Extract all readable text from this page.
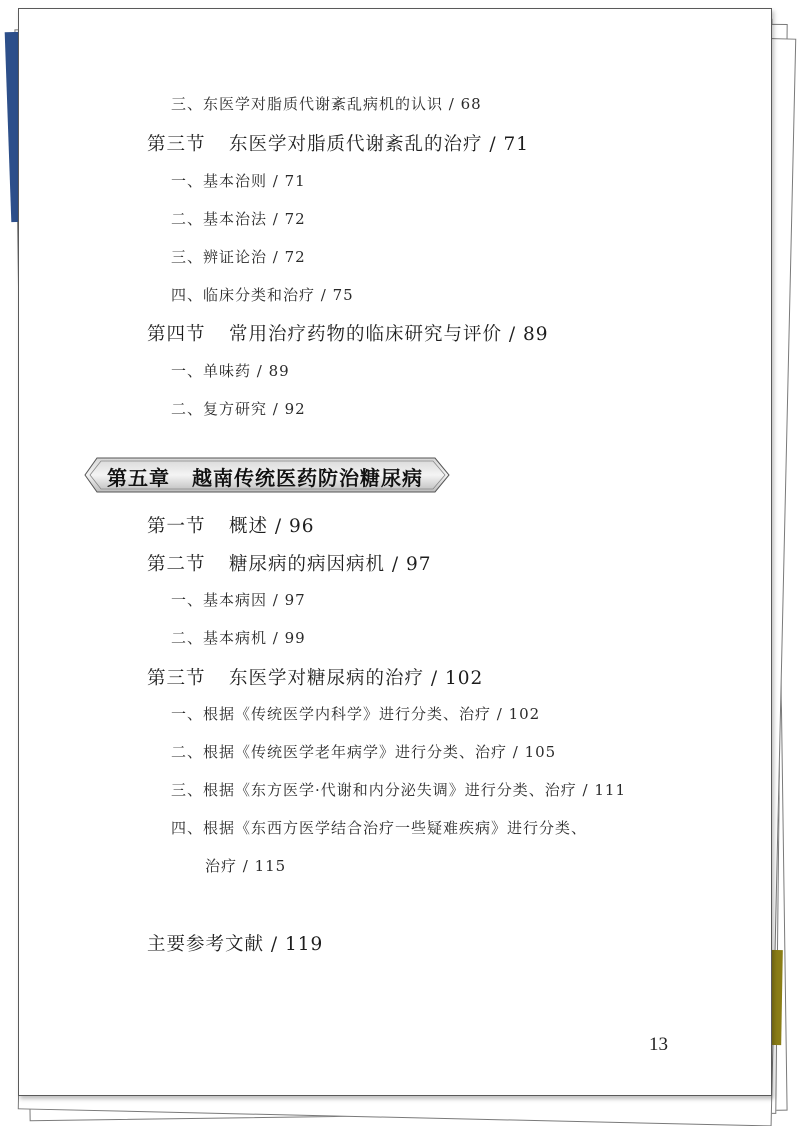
三、东医学对脂质代谢紊乱病机的认识 / 68
第三节 东医学对脂质代谢紊乱的治疗 / 71
一、基本治则 / 71
二、基本治法 / 72
三、辨证论治 / 72
四、临床分类和治疗 / 75
第四节 常用治疗药物的临床研究与评价 / 89
一、单味药 / 89
二、复方研究 / 92
第五章 越南传统医药防治糖尿病
第一节 概述 / 96
第二节 糖尿病的病因病机 / 97
一、基本病因 / 97
二、基本病机 / 99
第三节 东医学对糖尿病的治疗 / 102
一、根据《传统医学内科学》进行分类、治疗 / 102
二、根据《传统医学老年病学》进行分类、治疗 / 105
三、根据《东方医学·代谢和内分泌失调》进行分类、治疗 / 111
四、根据《东西方医学结合治疗一些疑难疾病》进行分类、
治疗 / 115
主要参考文献 / 119
13
